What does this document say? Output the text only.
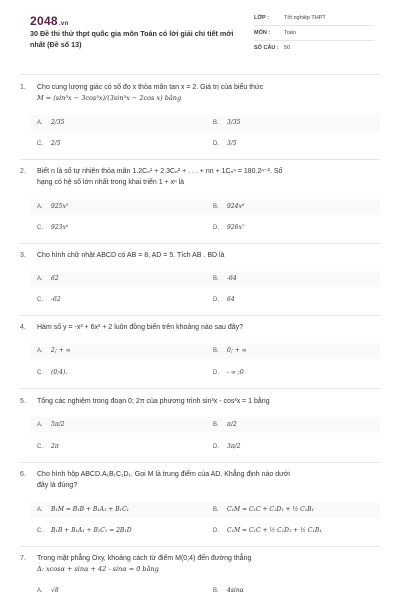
2048.vn
30 Đề thi thử thpt quốc gia môn Toán có lời giải chi tiết mới nhất (Đề số 13)
LỚP :	Tốt nghiệp THPT
MÔN :	Toán
SỐ CÂU : 50
1.	Cho cung lượng giác có số đo x thỏa mãn tan x = 2. Giá trị của biểu thức
M = (sin³x − 3cos³x)/(3sin³x − 2cos x) bằng
A. 2/35	B. 3/35
C. 2/5	D. 3/5
2.	Biết n là số tự nhiên thỏa mãn 1.2Cₙ¹ + 2.3Cₙ² + . . . + nn + 1Cₙⁿ = 180.2ⁿ⁻². Số
hạng có hệ số lớn nhất trong khai triển 1 + xⁿ là
A. 925x⁵	B. 924x⁶
C. 923x⁶	D. 926x⁷
3.	Cho hình chữ nhật ABCD có AB = 8, AD = 5. Tích AB . BD là
A. 62	B. -64
C. -62	D. 64
4.	Hàm số y = -x³ + 6x² + 2 luôn đồng biến trên khoảng nào sau đây?
A. 2; + ∞	B. 0; + ∞
C. (0;4).	D. - ∞ ;0
5.	Tổng các nghiệm trong đoạn 0; 2π của phương trình sin³x - cos³x = 1 bằng
A. 5π/2	B. π/2
C. 2π	D. 3π/2
6.	Cho hình hộp ABCD.A₁B₁C₁D₁. Gọi M là trung điểm của AD. Khẳng định nào dưới
đây là đúng?
A. B₁M = B₁B + B₁A₁ + B₁C₁	B. C₁M = C₁C + C₁D₁ + ½ C₁B₁
C. B₁B + B₁A₁ + B₁C₁ = 2B₁D	D. C₁M = C₁C + ½ C₁D₁ + ½ C₁B₁
7.	Trong mặt phẳng Oxy, khoảng cách từ điểm M(0;4) đến đường thẳng
Δ: xcosα + sinα + 42 - sinα = 0 bằng
A. √8	B. 4sinα
